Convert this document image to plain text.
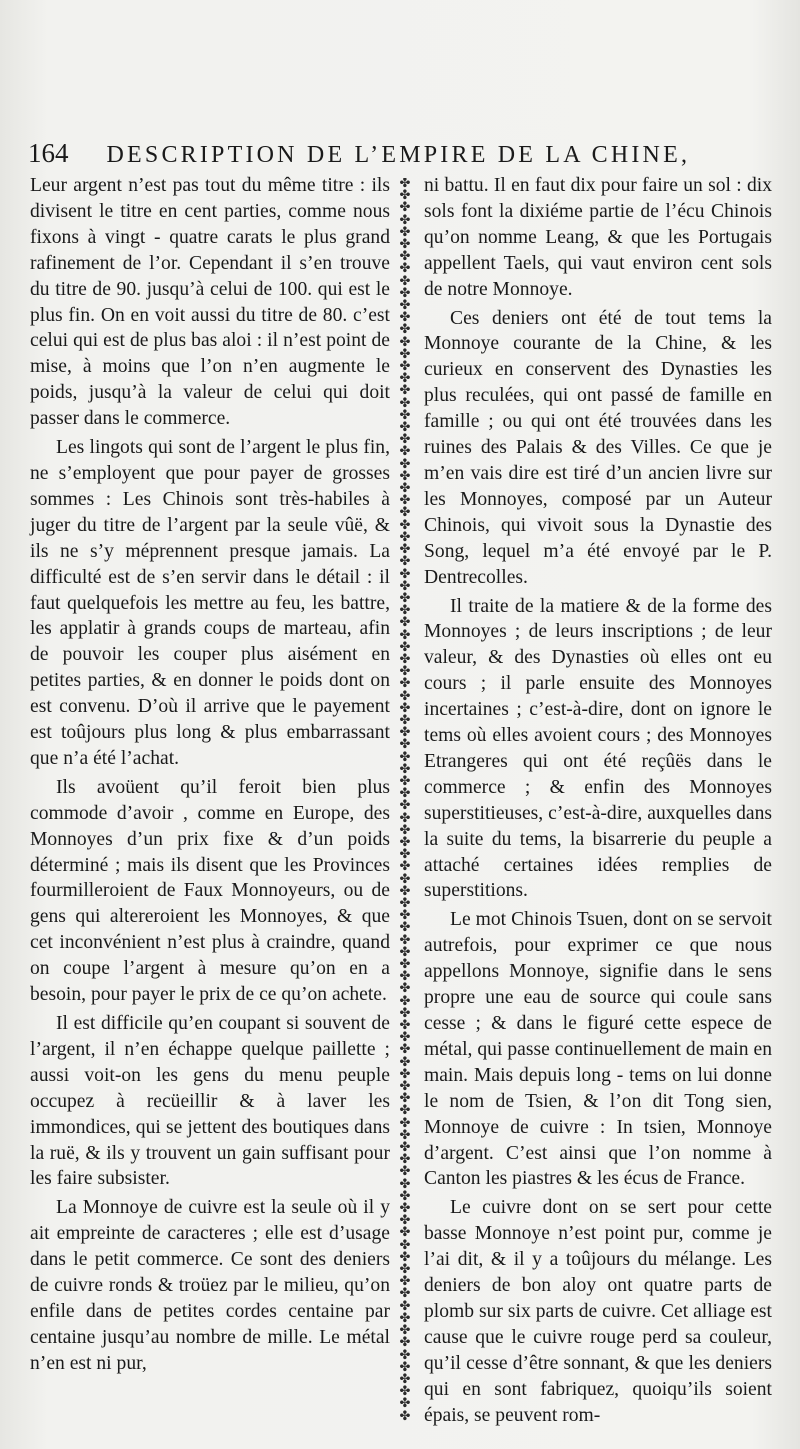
164 DESCRIPTION DE L’EMPIRE DE LA CHINE,

Leur argent n’est pas tout du même titre : ils divisent le titre en cent parties, comme nous fixons à vingt - quatre carats le plus grand rafinement de l’or. Cependant il s’en trouve du titre de 90. jusqu’à celui de 100. qui est le plus fin. On en voit aussi du titre de 80. c’est celui qui est de plus bas aloi : il n’est point de mise, à moins que l’on n’en augmente le poids, jusqu’à la valeur de celui qui doit passer dans le commerce.

Les lingots qui sont de l’argent le plus fin, ne s’employent que pour payer de grosses sommes : Les Chinois sont très-habiles à juger du titre de l’argent par la seule vûë, & ils ne s’y méprennent presque jamais. La difficulté est de s’en servir dans le détail : il faut quelquefois les mettre au feu, les battre, les applatir à grands coups de marteau, afin de pouvoir les couper plus aisément en petites parties, & en donner le poids dont on est convenu. D’où il arrive que le payement est toûjours plus long & plus embarrassant que n’a été l’achat.

Ils avoüent qu’il feroit bien plus commode d’avoir , comme en Europe, des Monnoyes d’un prix fixe & d’un poids déterminé ; mais ils disent que les Provinces fourmilleroient de Faux Monnoyeurs, ou de gens qui altereroient les Monnoyes, & que cet inconvénient n’est plus à craindre, quand on coupe l’argent à mesure qu’on en a besoin, pour payer le prix de ce qu’on achete.

Il est difficile qu’en coupant si souvent de l’argent, il n’en échappe quelque paillette ; aussi voit-on les gens du menu peuple occupez à recüeillir & à laver les immondices, qui se jettent des boutiques dans la ruë, & ils y trouvent un gain suffisant pour les faire subsister.

La Monnoye de cuivre est la seule où il y ait empreinte de caracteres ; elle est d’usage dans le petit commerce. Ce sont des deniers de cuivre ronds & troüez par le milieu, qu’on enfile dans de petites cordes centaine par centaine jusqu’au nombre de mille. Le métal n’en est ni pur,

✤
✤
✤
✤
✤
✤
✤
✤
✤
✤
✤
✤
✤
✤
✤
✤
✤
✤
✤
✤
✤
✤
✤
✤
✤
✤
✤
✤
✤
✤
✤
✤
✤
✤
✤
✤
✤
✤
✤
✤
✤
✤
✤
✤
✤
✤
✤
✤
✤
✤
✤
✤
✤
✤
✤
✤
✤
✤
✤
✤
✤
✤
✤
✤
✤
✤
✤
✤
✤
✤
✤
✤
✤
✤
✤
✤
✤
✤
✤
✤
✤
✤
✤
✤
✤
✤
✤
✤
✤
✤
✤
✤
✤
✤
✤
✤
✤
✤
✤
✤
✤
✤

ni battu. Il en faut dix pour faire un sol : dix sols font la dixiéme partie de l’écu Chinois qu’on nomme Leang, & que les Portugais appellent Taels, qui vaut environ cent sols de notre Monnoye.

Ces deniers ont été de tout tems la Monnoye courante de la Chine, & les curieux en conservent des Dynasties les plus reculées, qui ont passé de famille en famille ; ou qui ont été trouvées dans les ruines des Palais & des Villes. Ce que je m’en vais dire est tiré d’un ancien livre sur les Monnoyes, composé par un Auteur Chinois, qui vivoit sous la Dynastie des Song, lequel m’a été envoyé par le P. Dentrecolles.

Il traite de la matiere & de la forme des Monnoyes ; de leurs inscriptions ; de leur valeur, & des Dynasties où elles ont eu cours ; il parle ensuite des Monnoyes incertaines ; c’est-à-dire, dont on ignore le tems où elles avoient cours ; des Monnoyes Etrangeres qui ont été reçûës dans le commerce ; & enfin des Monnoyes superstitieuses, c’est-à-dire, auxquelles dans la suite du tems, la bisarrerie du peuple a attaché certaines idées remplies de superstitions.

Le mot Chinois Tsuen, dont on se servoit autrefois, pour exprimer ce que nous appellons Monnoye, signifie dans le sens propre une eau de source qui coule sans cesse ; & dans le figuré cette espece de métal, qui passe continuellement de main en main. Mais depuis long - tems on lui donne le nom de Tsien, & l’on dit Tong sien, Monnoye de cuivre : In tsien, Monnoye d’argent. C’est ainsi que l’on nomme à Canton les piastres & les écus de France.

Le cuivre dont on se sert pour cette basse Monnoye n’est point pur, comme je l’ai dit, & il y a toûjours du mélange. Les deniers de bon aloy ont quatre parts de plomb sur six parts de cuivre. Cet alliage est cause que le cuivre rouge perd sa couleur, qu’il cesse d’être sonnant, & que les deniers qui en sont fabriquez, quoiqu’ils soient épais, se peuvent rom-
